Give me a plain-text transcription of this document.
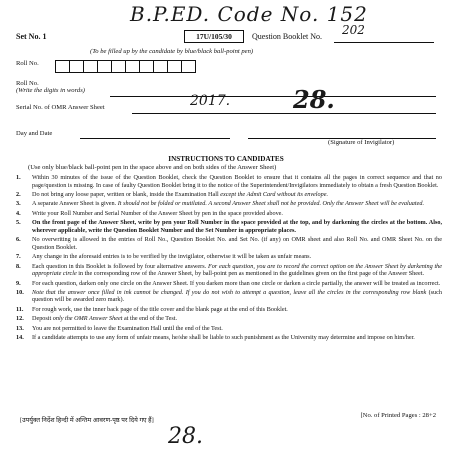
B.P.ED. Code No. 152
Set No. 1	17U/105/30	Question Booklet No. 202
(To be filled up by the candidate by blue/black ball-point pen)
Roll No.
Roll No.
(Write the digits in words)
Serial No. of OMR Answer Sheet	2017.	28.
Day and Date
(Signature of Invigilator)
INSTRUCTIONS TO CANDIDATES
(Use only blue/black ball-point pen in the space above and on both sides of the Answer Sheet)
1.	Within 30 minutes of the issue of the Question Booklet, check the Question Booklet to ensure that it contains all the pages in correct sequence and that no page/question is missing. In case of faulty Question Booklet bring it to the notice of the Superintendent/Invigilators immediately to obtain a fresh Question Booklet.
2.	Do not bring any loose paper, written or blank, inside the Examination Hall except the Admit Card without its envelope.
3.	A separate Answer Sheet is given. It should not be folded or mutilated. A second Answer Sheet shall not be provided. Only the Answer Sheet will be evaluated.
4.	Write your Roll Number and Serial Number of the Answer Sheet by pen in the space provided above.
5.	On the front page of the Answer Sheet, write by pen your Roll Number in the space provided at the top, and by darkening the circles at the bottom. Also, wherever applicable, write the Question Booklet Number and the Set Number in appropriate places.
6.	No overwriting is allowed in the entries of Roll No., Question Booklet No. and Set No. (if any) on OMR sheet and also Roll No. and OMR Sheet No. on the Question Booklet.
7.	Any change in the aforesaid entries is to be verified by the invigilator, otherwise it will be taken as unfair means.
8.	Each question in this Booklet is followed by four alternative answers. For each question, you are to record the correct option on the Answer Sheet by darkening the appropriate circle in the corresponding row of the Answer Sheet, by ball-point pen as mentioned in the guidelines given on the first page of the Answer Sheet.
9.	For each question, darken only one circle on the Answer Sheet. If you darken more than one circle or darken a circle partially, the answer will be treated as incorrect.
10.	Note that the answer once filled in ink cannot be changed. If you do not wish to attempt a question, leave all the circles in the corresponding row blank (such question will be awarded zero mark).
11.	For rough work, use the inner back page of the title cover and the blank page at the end of this Booklet.
12.	Deposit only the OMR Answer Sheet at the end of the Test.
13.	You are not permitted to leave the Examination Hall until the end of the Test.
14.	If a candidate attempts to use any form of unfair means, he/she shall be liable to such punishment as the University may determine and impose on him/her.
[उपर्युक्त निर्देश हिन्दी में अन्तिम आवरण-पृष्ठ पर दिये गए हैं]
[No. of Printed Pages : 28+2
28.
